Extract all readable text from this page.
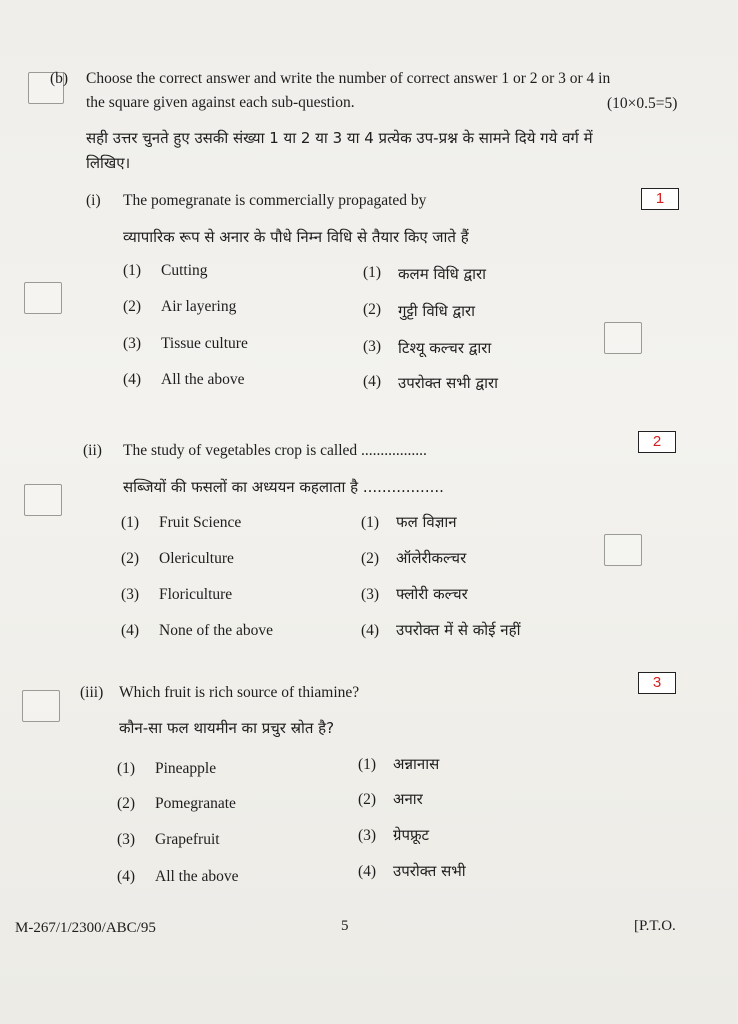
(b) Choose the correct answer and write the number of correct answer 1 or 2 or 3 or 4 in
the square given against each sub-question.	(10×0.5=5)
सही उत्तर चुनते हुए उसकी संख्या 1 या 2 या 3 या 4 प्रत्येक उप-प्रश्न के सामने दिये गये वर्ग में
लिखिए।
(i) The pomegranate is commercially propagated by	1
व्यापारिक रूप से अनार के पौधे निम्न विधि से तैयार किए जाते हैं
(1) Cutting	(1) कलम विधि द्वारा
(2) Air layering	(2) गुट्टी विधि द्वारा
(3) Tissue culture	(3) टिश्यू कल्चर द्वारा
(4) All the above	(4) उपरोक्त सभी द्वारा
(ii) The study of vegetables crop is called .................
2
सब्जियों की फसलों का अध्ययन कहलाता है .................
(1) Fruit Science	(1) फल विज्ञान
(2) Olericulture	(2) ऑलेरीकल्चर
(3) Floriculture	(3) फ्लोरी कल्चर
(4) None of the above	(4) उपरोक्त में से कोई नहीं
(iii) Which fruit is rich source of thiamine?
3
कौन-सा फल थायमीन का प्रचुर स्रोत है?
(1) Pineapple	(1) अन्नानास
(2) Pomegranate	(2) अनार
(3) Grapefruit	(3) ग्रेपफ्रूट
(4) All the above	(4) उपरोक्त सभी
M-267/1/2300/ABC/95	5	[P.T.O.
